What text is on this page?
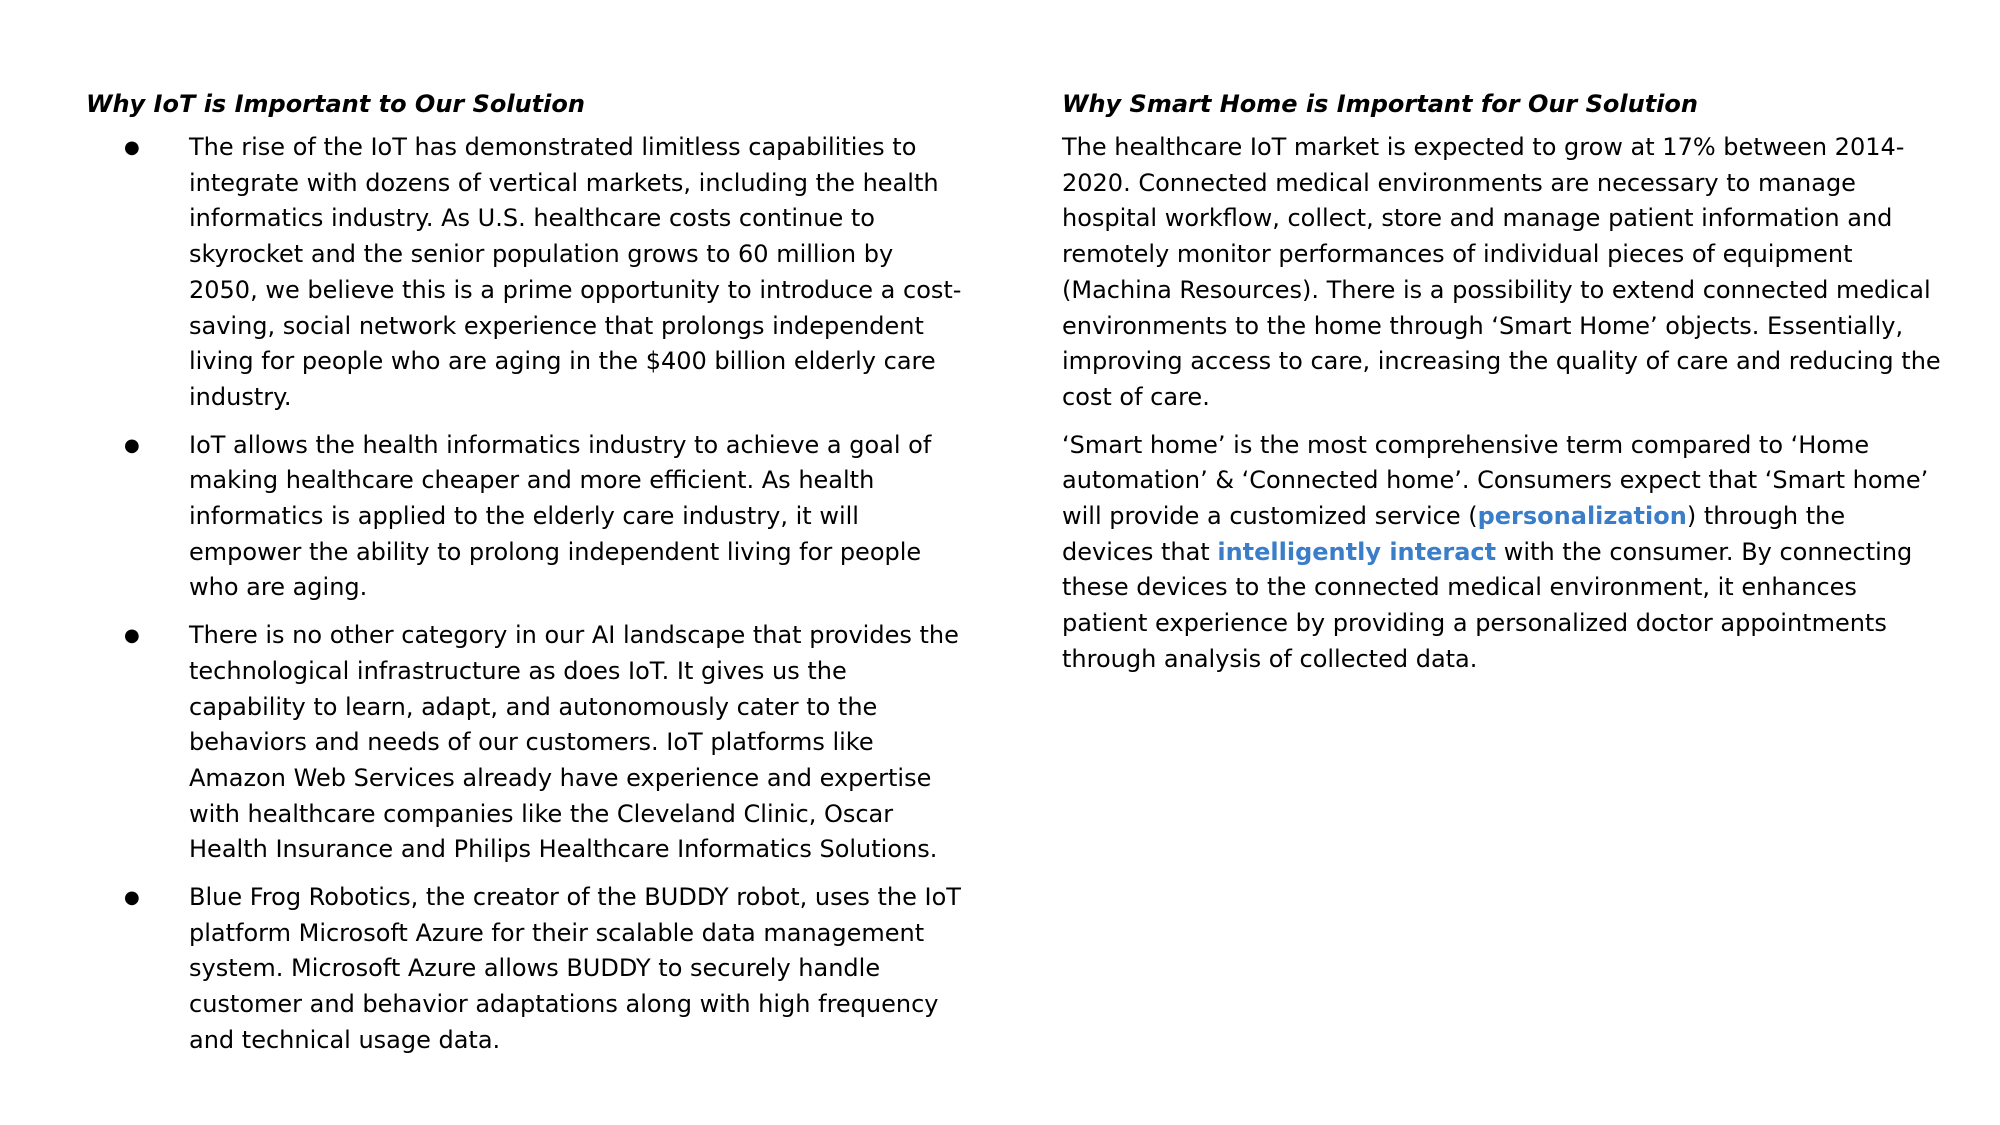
Why IoT is Important to Our Solution
● The rise of the IoT has demonstrated limitless capabilities to integrate with dozens of vertical markets, including the health informatics industry. As U.S. healthcare costs continue to skyrocket and the senior population grows to 60 million by 2050, we believe this is a prime opportunity to introduce a cost-saving, social network experience that prolongs independent living for people who are aging in the $400 billion elderly care industry.
● IoT allows the health informatics industry to achieve a goal of making healthcare cheaper and more efficient. As health informatics is applied to the elderly care industry, it will empower the ability to prolong independent living for people who are aging.
● There is no other category in our AI landscape that provides the technological infrastructure as does IoT. It gives us the capability to learn, adapt, and autonomously cater to the behaviors and needs of our customers. IoT platforms like Amazon Web Services already have experience and expertise with healthcare companies like the Cleveland Clinic, Oscar Health Insurance and Philips Healthcare Informatics Solutions.
● Blue Frog Robotics, the creator of the BUDDY robot, uses the IoT platform Microsoft Azure for their scalable data management system. Microsoft Azure allows BUDDY to securely handle customer and behavior adaptations along with high frequency and technical usage data.
Why Smart Home is Important for Our Solution

The healthcare IoT market is expected to grow at 17% between 2014-2020. Connected medical environments are necessary to manage hospital workflow, collect, store and manage patient information and remotely monitor performances of individual pieces of equipment (Machina Resources). There is a possibility to extend connected medical environments to the home through ‘Smart Home’ objects. Essentially, improving access to care, increasing the quality of care and reducing the cost of care.

‘Smart home’ is the most comprehensive term compared to ‘Home automation’ & ‘Connected home’. Consumers expect that ‘Smart home’ will provide a customized service (personalization) through the devices that intelligently interact with the consumer. By connecting these devices to the connected medical environment, it enhances patient experience by providing a personalized doctor appointments through analysis of collected data.
